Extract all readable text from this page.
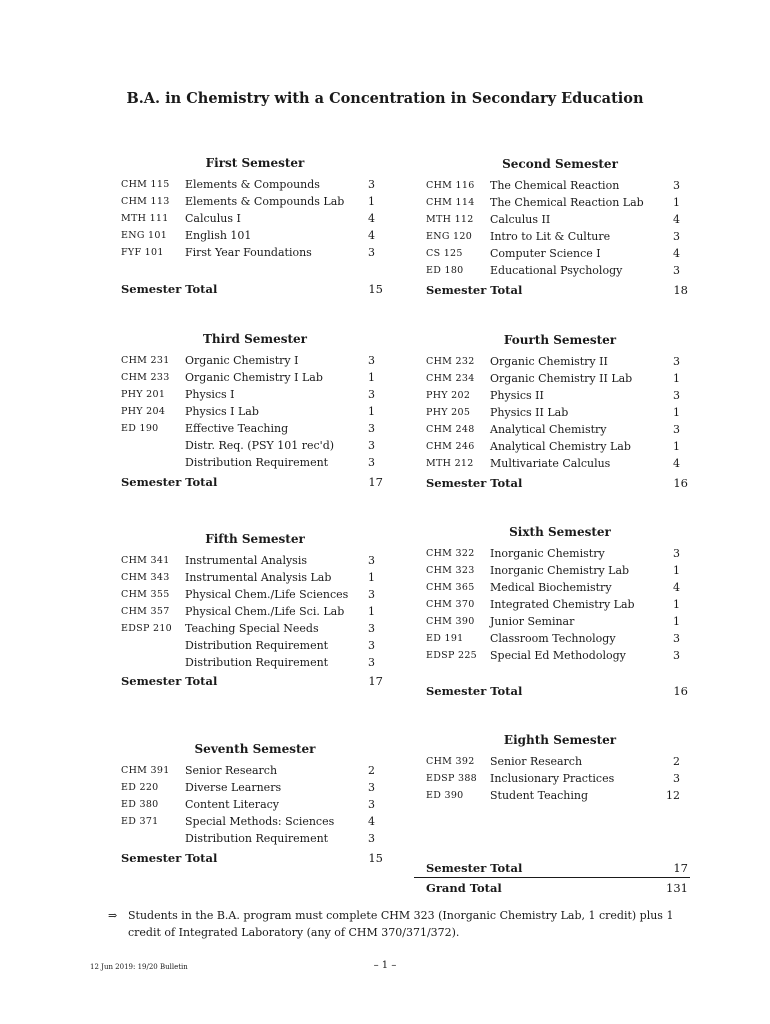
B.A. in Chemistry with a Concentration in Secondary Education
First Semester
CHM 115	Elements & Compounds	3
CHM 113	Elements & Compounds Lab	1
MTH 111	Calculus I	4
ENG 101	English 101	4
FYF 101	First Year Foundations	3
Semester Total	15
Second Semester
CHM 116	The Chemical Reaction	3
CHM 114	The Chemical Reaction Lab	1
MTH 112	Calculus II	4
ENG 120	Intro to Lit & Culture	3
CS 125	Computer Science I	4
ED 180	Educational Psychology	3
Semester Total	18
Third Semester
CHM 231	Organic Chemistry I	3
CHM 233	Organic Chemistry I Lab	1
PHY 201	Physics I	3
PHY 204	Physics I Lab	1
ED 190	Effective Teaching	3
Distr. Req. (PSY 101 rec'd)	3
Distribution Requirement	3
Semester Total	17
Fourth Semester
CHM 232	Organic Chemistry II	3
CHM 234	Organic Chemistry II Lab	1
PHY 202	Physics II	3
PHY 205	Physics II Lab	1
CHM 248	Analytical Chemistry	3
CHM 246	Analytical Chemistry Lab	1
MTH 212	Multivariate Calculus	4
Semester Total	16
Fifth Semester
CHM 341	Instrumental Analysis	3
CHM 343	Instrumental Analysis Lab	1
CHM 355	Physical Chem./Life Sciences	3
CHM 357	Physical Chem./Life Sci. Lab	1
EDSP 210	Teaching Special Needs	3
Distribution Requirement	3
Distribution Requirement	3
Semester Total	17
Sixth Semester
CHM 322	Inorganic Chemistry	3
CHM 323	Inorganic Chemistry Lab	1
CHM 365	Medical Biochemistry	4
CHM 370	Integrated Chemistry Lab	1
CHM 390	Junior Seminar	1
ED 191	Classroom Technology	3
EDSP 225	Special Ed Methodology	3
Semester Total	16
Seventh Semester
CHM 391	Senior Research	2
ED 220	Diverse Learners	3
ED 380	Content Literacy	3
ED 371	Special Methods: Sciences	4
Distribution Requirement	3
Semester Total	15
Eighth Semester
CHM 392	Senior Research	2
EDSP 388	Inclusionary Practices	3
ED 390	Student Teaching	12
Semester Total	17
Grand Total	131
⇒ Students in the B.A. program must complete CHM 323 (Inorganic Chemistry Lab, 1 credit) plus 1 credit of Integrated Laboratory (any of CHM 370/371/372).
12 Jun 2019: 19/20 Bulletin	– 1 –
